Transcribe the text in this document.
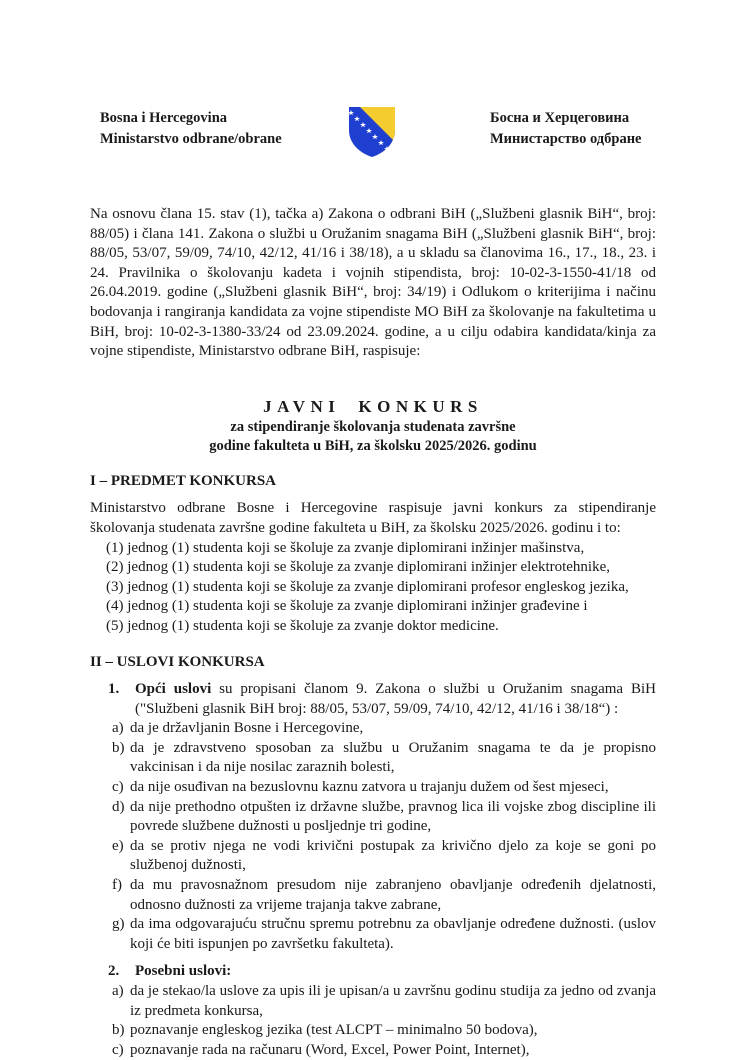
Bosna i Hercegovina
Ministarstvo odbrane/obrane
Босна и Херцеговина
Министарство одбране

Na osnovu člana 15. stav (1), tačka a) Zakona o odbrani BiH („Službeni glasnik BiH“, broj: 88/05) i člana 141. Zakona o službi u Oružanim snagama BiH („Službeni glasnik BiH“, broj: 88/05, 53/07, 59/09, 74/10, 42/12, 41/16 i 38/18), a u skladu sa članovima 16., 17., 18., 23. i 24. Pravilnika o školovanju kadeta i vojnih stipendista, broj: 10-02-3-1550-41/18 od 26.04.2019. godine („Službeni glasnik BiH“, broj: 34/19) i Odlukom o kriterijima i načinu bodovanja i rangiranja kandidata za vojne stipendiste MO BiH za školovanje na fakultetima u BiH, broj: 10-02-3-1380-33/24 od 23.09.2024. godine, a u cilju odabira kandidata/kinja za vojne stipendiste, Ministarstvo odbrane BiH, raspisuje:

JAVNI KONKURS
za stipendiranje školovanja studenata završne
godine fakulteta u BiH, za školsku 2025/2026. godinu
I – PREDMET KONKURSA

Ministarstvo odbrane Bosne i Hercegovine raspisuje javni konkurs za stipendiranje školovanja studenata završne godine fakulteta u BiH, za školsku 2025/2026. godinu i to:

(1) jednog (1) studenta koji se školuje za zvanje diplomirani inžinjer mašinstva,
(2) jednog (1) studenta koji se školuje za zvanje diplomirani inžinjer elektrotehnike,
(3) jednog (1) studenta koji se školuje za zvanje diplomirani profesor engleskog jezika,
(4) jednog (1) studenta koji se školuje za zvanje diplomirani inžinjer građevine i
(5) jednog (1) studenta koji se školuje za zvanje doktor medicine.
II – USLOVI KONKURSA
1. Opći uslovi su propisani članom 9. Zakona o službi u Oružanim snagama BiH ("Službeni glasnik BiH broj: 88/05, 53/07, 59/09, 74/10, 42/12, 41/16 i 38/18“) :
a) da je državljanin Bosne i Hercegovine,
b) da je zdravstveno sposoban za službu u Oružanim snagama te da je propisno vakcinisan i da nije nosilac zaraznih bolesti,
c) da nije osuđivan na bezuslovnu kaznu zatvora u trajanju dužem od šest mjeseci,
d) da nije prethodno otpušten iz državne službe, pravnog lica ili vojske zbog discipline ili povrede službene dužnosti u posljednje tri godine,
e) da se protiv njega ne vodi krivični postupak za krivično djelo za koje se goni po službenoj dužnosti,
f) da mu pravosnažnom presudom nije zabranjeno obavljanje određenih djelatnosti, odnosno dužnosti za vrijeme trajanja takve zabrane,
g) da ima odgovarajuću stručnu spremu potrebnu za obavljanje određene dužnosti. (uslov koji će biti ispunjen po završetku fakulteta).
2. Posebni uslovi:
a) da je stekao/la uslove za upis ili je upisan/a u završnu godinu studija za jedno od zvanja iz predmeta konkursa,
b) poznavanje engleskog jezika (test ALCPT – minimalno 50 bodova),
c) poznavanje rada na računaru (Word, Excel, Power Point, Internet),
